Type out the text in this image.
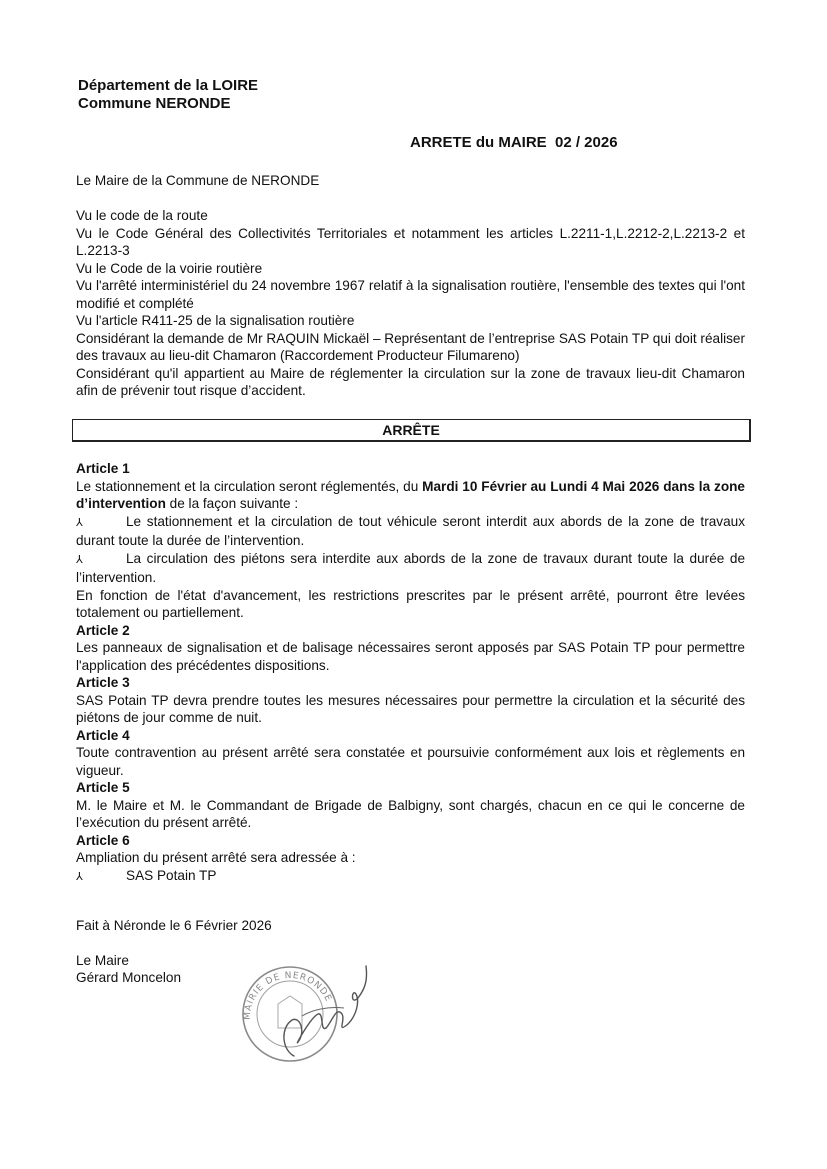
Département de la LOIRE
Commune NERONDE
ARRETE du MAIRE  02 / 2026
Le Maire de la Commune de NERONDE

Vu le code de la route

Vu le Code Général des Collectivités Territoriales et notamment les articles L.2211-1,L.2212-2,L.2213-2 et L.2213-3

Vu le Code de la voirie routière

Vu l'arrêté interministériel du 24 novembre 1967 relatif à la signalisation routière, l'ensemble des textes qui l'ont modifié et complété

Vu l'article R411-25 de la signalisation routière

Considérant la demande de Mr RAQUIN Mickaël – Représentant de l’entreprise SAS Potain TP qui doit réaliser des travaux au lieu-dit Chamaron (Raccordement Producteur Filumareno)

Considérant qu'il appartient au Maire de réglementer la circulation sur la zone de travaux lieu-dit Chamaron afin de prévenir tout risque d’accident.

ARRÊTE

Article 1

Le stationnement et la circulation seront réglementés, du Mardi 10 Février au Lundi 4 Mai 2026 dans la zone d’intervention de la façon suivante :

⅄	Le stationnement et la circulation de tout véhicule seront interdit aux abords de la zone de travaux durant toute la durée de l’intervention.

⅄	La circulation des piétons sera interdite aux abords de la zone de travaux durant toute la durée de l’intervention.

En fonction de l'état d'avancement, les restrictions prescrites par le présent arrêté, pourront être levées totalement ou partiellement.

Article 2

Les panneaux de signalisation et de balisage nécessaires seront apposés par SAS Potain TP pour permettre l'application des précédentes dispositions.

Article 3

SAS Potain TP devra prendre toutes les mesures nécessaires pour permettre la circulation et la sécurité des piétons de jour comme de nuit.

Article 4

Toute contravention au présent arrêté sera constatée et poursuivie conformément aux lois et règlements en vigueur.

Article 5

M. le Maire et M. le Commandant de Brigade de Balbigny, sont chargés, chacun en ce qui le concerne de l’exécution du présent arrêté.

Article 6

Ampliation du présent arrêté sera adressée à :

⅄	SAS Potain TP

Fait à Néronde le 6 Février 2026
Le Maire
Gérard Moncelon
MAIRIE DE NERONDE
